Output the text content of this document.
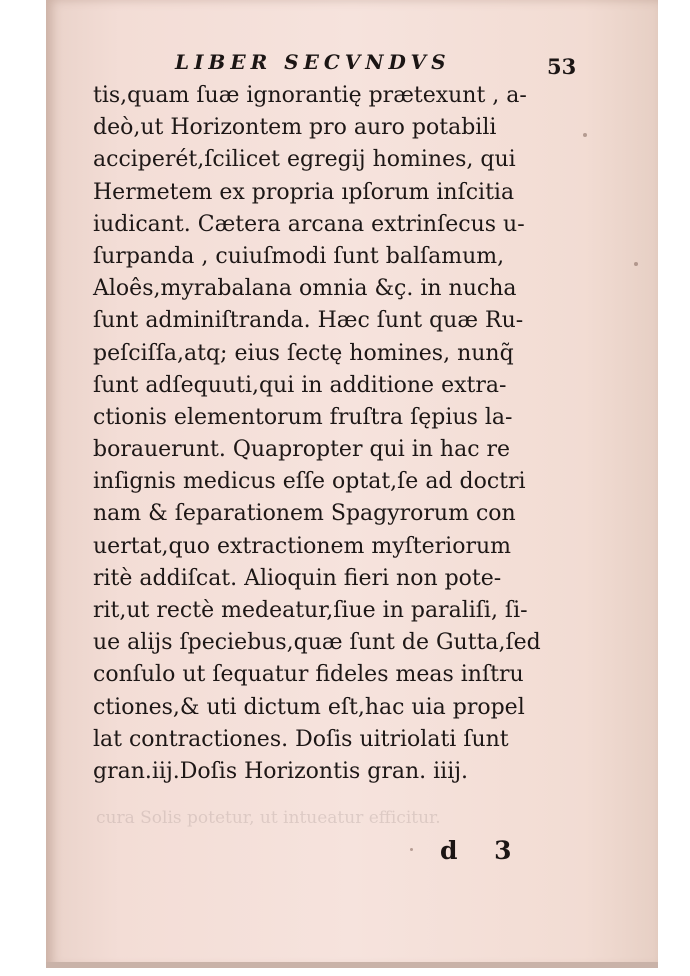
LIBER SECVNDVS	53
tis,quam ſuæ ignorantię prætexunt , a-
deò,ut Horizontem pro auro potabili
acciperét,ſcilicet egregij homines, qui
Hermetem ex propria ıpſorum inſcitia
iudicant. Cætera arcana extrinſecus u-
ſurpanda , cuiuſmodi ſunt balſamum,
Aloês,myrabalana omnia &ç. in nucha
ſunt adminiſtranda. Hæc ſunt quæ Ru-
peſciſſa,atq; eius ſectę homines, nunq̃
ſunt adſequuti,qui in additione extra-
ctionis elementorum fruſtra ſępius la-
borauerunt. Quapropter qui in hac re
inſignis medicus eſſe optat,ſe ad doctri
nam & ſeparationem Spagyrorum con
uertat,quo extractionem myſteriorum
ritè addiſcat. Alioquin fieri non pote-
rit,ut rectè medeatur,ſiue in paraliſi, ſi-
ue alijs ſpeciebus,quæ ſunt de Gutta,ſed
conſulo ut ſequatur fideles meas inſtru
ctiones,& uti dictum eſt,hac uia propel
lat contractiones. Doſis uitriolati ſunt
gran.iij.Doſis Horizontis gran. iiij.
cura Solis potetur, ut intueatur efficitur.
d 3
